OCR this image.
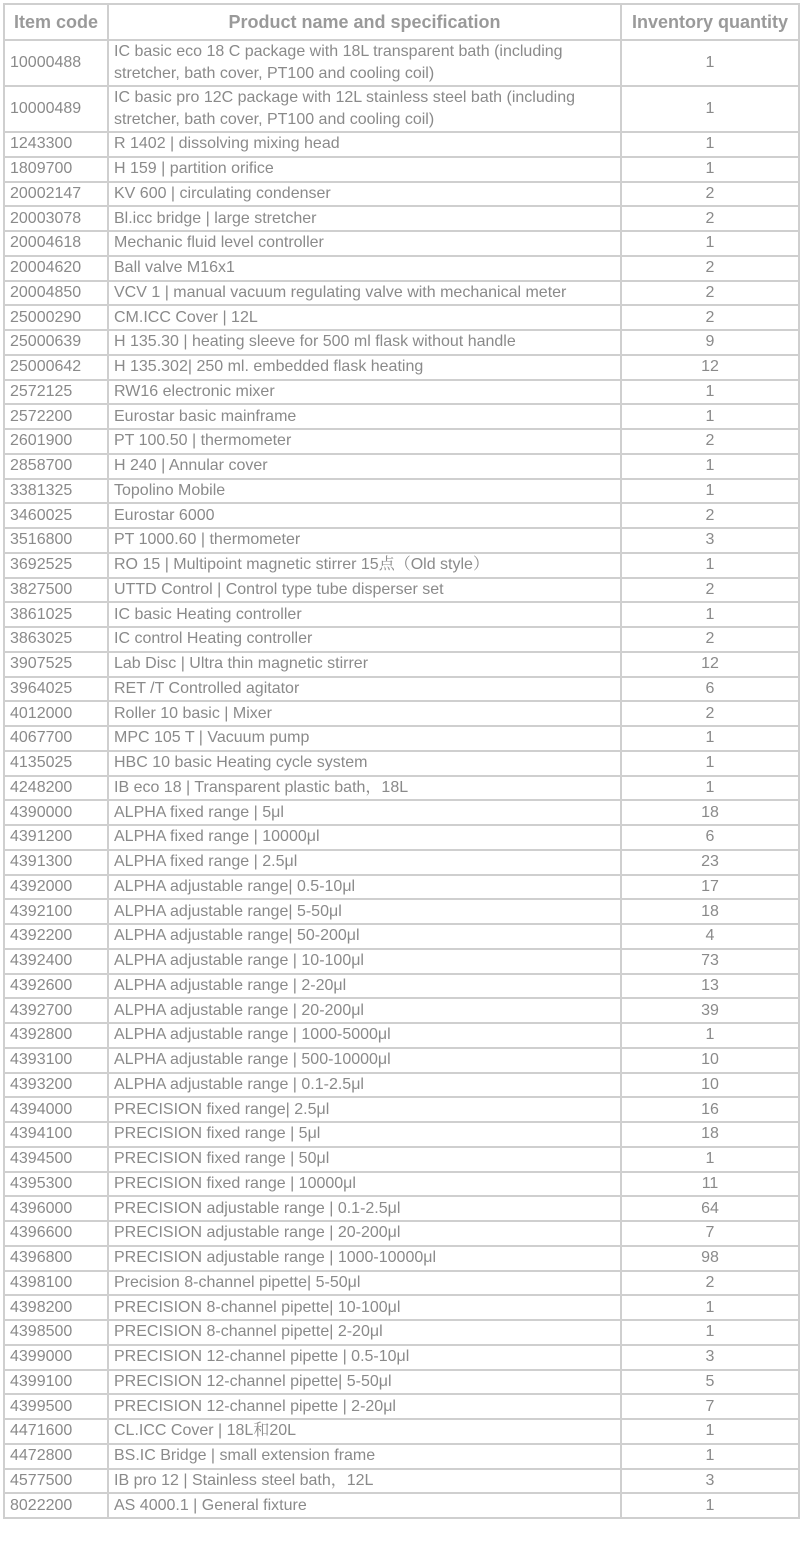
Item code	Product name and specification	Inventory quantity
10000488	IC basic eco 18 C package with 18L transparent bath (including stretcher, bath cover, PT100 and cooling coil)	1
10000489	IC basic pro 12C package with 12L stainless steel bath (including stretcher, bath cover, PT100 and cooling coil)	1
1243300	R 1402 | dissolving mixing head	1
1809700	H 159 | partition orifice	1
20002147	KV 600 | circulating condenser	2
20003078	Bl.icc bridge | large stretcher	2
20004618	Mechanic fluid level controller	1
20004620	Ball valve M16x1	2
20004850	VCV 1 | manual vacuum regulating valve with mechanical meter	2
25000290	CM.ICC Cover | 12L	2
25000639	H 135.30 | heating sleeve for 500 ml flask without handle	9
25000642	H 135.302| 250 ml. embedded flask heating	12
2572125	RW16 electronic mixer	1
2572200	Eurostar basic mainframe	1
2601900	PT 100.50 | thermometer	2
2858700	H 240 | Annular cover	1
3381325	Topolino Mobile	1
3460025	Eurostar 6000	2
3516800	PT 1000.60 | thermometer	3
3692525	RO 15 | Multipoint magnetic stirrer 15点（Old style）	1
3827500	UTTD Control | Control type tube disperser set	2
3861025	IC basic Heating controller	1
3863025	IC control Heating controller	2
3907525	Lab Disc | Ultra thin magnetic stirrer	12
3964025	RET /T Controlled agitator	6
4012000	Roller 10 basic | Mixer	2
4067700	MPC 105 T | Vacuum pump	1
4135025	HBC 10 basic Heating cycle system	1
4248200	IB eco 18 | Transparent plastic bath，18L	1
4390000	ALPHA fixed range | 5μl	18
4391200	ALPHA fixed range | 10000μl	6
4391300	ALPHA fixed range | 2.5μl	23
4392000	ALPHA adjustable range| 0.5-10μl	17
4392100	ALPHA adjustable range| 5-50μl	18
4392200	ALPHA adjustable range| 50-200μl	4
4392400	ALPHA adjustable range | 10-100μl	73
4392600	ALPHA adjustable range | 2-20μl	13
4392700	ALPHA adjustable range | 20-200μl	39
4392800	ALPHA adjustable range | 1000-5000μl	1
4393100	ALPHA adjustable range | 500-10000μl	10
4393200	ALPHA adjustable range | 0.1-2.5μl	10
4394000	PRECISION fixed range| 2.5μl	16
4394100	PRECISION fixed range | 5μl	18
4394500	PRECISION fixed range | 50μl	1
4395300	PRECISION fixed range | 10000μl	11
4396000	PRECISION adjustable range | 0.1-2.5μl	64
4396600	PRECISION adjustable range | 20-200μl	7
4396800	PRECISION adjustable range | 1000-10000μl	98
4398100	Precision 8-channel pipette| 5-50μl	2
4398200	PRECISION 8-channel pipette| 10-100μl	1
4398500	PRECISION 8-channel pipette| 2-20μl	1
4399000	PRECISION 12-channel pipette | 0.5-10μl	3
4399100	PRECISION 12-channel pipette| 5-50μl	5
4399500	PRECISION 12-channel pipette | 2-20μl	7
4471600	CL.ICC Cover | 18L和20L	1
4472800	BS.IC Bridge | small extension frame	1
4577500	IB pro 12 | Stainless steel bath，12L	3
8022200	AS 4000.1 | General fixture	1
